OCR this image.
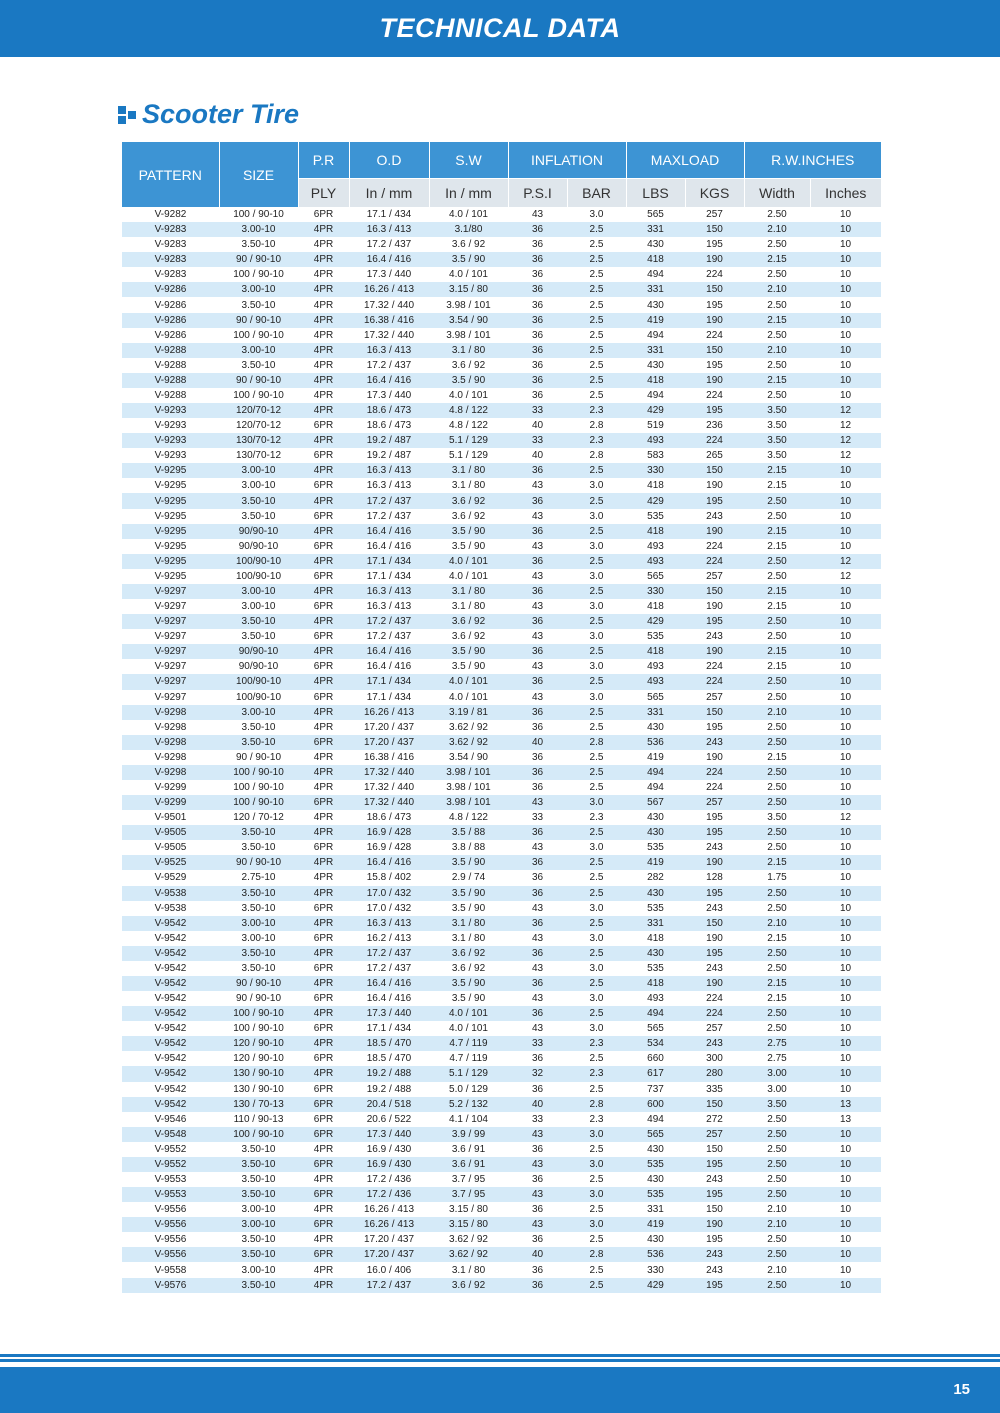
TECHNICAL DATA
Scooter Tire
PATTERN	SIZE	P.R	O.D	S.W	INFLATION		MAXLOAD		R.W.INCHES	
		PLY	In / mm	In / mm	P.S.I	BAR	LBS	KGS	Width	Inches
V-9282	100 / 90-10	6PR	17.1 / 434	4.0 / 101	43	3.0	565	257	2.50	10
V-9283	3.00-10	4PR	16.3 / 413	3.1/80	36	2.5	331	150	2.10	10
V-9283	3.50-10	4PR	17.2 / 437	3.6 / 92	36	2.5	430	195	2.50	10
V-9283	90 / 90-10	4PR	16.4 / 416	3.5 / 90	36	2.5	418	190	2.15	10
V-9283	100 / 90-10	4PR	17.3 / 440	4.0 / 101	36	2.5	494	224	2.50	10
V-9286	3.00-10	4PR	16.26 / 413	3.15 / 80	36	2.5	331	150	2.10	10
V-9286	3.50-10	4PR	17.32 / 440	3.98 / 101	36	2.5	430	195	2.50	10
V-9286	90 / 90-10	4PR	16.38 / 416	3.54 / 90	36	2.5	419	190	2.15	10
V-9286	100 / 90-10	4PR	17.32 / 440	3.98 / 101	36	2.5	494	224	2.50	10
V-9288	3.00-10	4PR	16.3 / 413	3.1 / 80	36	2.5	331	150	2.10	10
V-9288	3.50-10	4PR	17.2 / 437	3.6 / 92	36	2.5	430	195	2.50	10
V-9288	90 / 90-10	4PR	16.4 / 416	3.5 / 90	36	2.5	418	190	2.15	10
V-9288	100 / 90-10	4PR	17.3 / 440	4.0 / 101	36	2.5	494	224	2.50	10
V-9293	120/70-12	4PR	18.6 / 473	4.8 / 122	33	2.3	429	195	3.50	12
V-9293	120/70-12	6PR	18.6 / 473	4.8 / 122	40	2.8	519	236	3.50	12
V-9293	130/70-12	4PR	19.2 / 487	5.1 / 129	33	2.3	493	224	3.50	12
V-9293	130/70-12	6PR	19.2 / 487	5.1 / 129	40	2.8	583	265	3.50	12
V-9295	3.00-10	4PR	16.3 / 413	3.1 / 80	36	2.5	330	150	2.15	10
V-9295	3.00-10	6PR	16.3 / 413	3.1 / 80	43	3.0	418	190	2.15	10
V-9295	3.50-10	4PR	17.2 / 437	3.6 / 92	36	2.5	429	195	2.50	10
V-9295	3.50-10	6PR	17.2 / 437	3.6 / 92	43	3.0	535	243	2.50	10
V-9295	90/90-10	4PR	16.4 / 416	3.5 / 90	36	2.5	418	190	2.15	10
V-9295	90/90-10	6PR	16.4 / 416	3.5 / 90	43	3.0	493	224	2.15	10
V-9295	100/90-10	4PR	17.1 / 434	4.0 / 101	36	2.5	493	224	2.50	12
V-9295	100/90-10	6PR	17.1 / 434	4.0 / 101	43	3.0	565	257	2.50	12
V-9297	3.00-10	4PR	16.3 / 413	3.1 / 80	36	2.5	330	150	2.15	10
V-9297	3.00-10	6PR	16.3 / 413	3.1 / 80	43	3.0	418	190	2.15	10
V-9297	3.50-10	4PR	17.2 / 437	3.6 / 92	36	2.5	429	195	2.50	10
V-9297	3.50-10	6PR	17.2 / 437	3.6 / 92	43	3.0	535	243	2.50	10
V-9297	90/90-10	4PR	16.4 / 416	3.5 / 90	36	2.5	418	190	2.15	10
V-9297	90/90-10	6PR	16.4 / 416	3.5 / 90	43	3.0	493	224	2.15	10
V-9297	100/90-10	4PR	17.1 / 434	4.0 / 101	36	2.5	493	224	2.50	10
V-9297	100/90-10	6PR	17.1 / 434	4.0 / 101	43	3.0	565	257	2.50	10
V-9298	3.00-10	4PR	16.26 / 413	3.19 / 81	36	2.5	331	150	2.10	10
V-9298	3.50-10	4PR	17.20 / 437	3.62 / 92	36	2.5	430	195	2.50	10
V-9298	3.50-10	6PR	17.20 / 437	3.62 / 92	40	2.8	536	243	2.50	10
V-9298	90 / 90-10	4PR	16.38 / 416	3.54 / 90	36	2.5	419	190	2.15	10
V-9298	100 / 90-10	4PR	17.32 / 440	3.98 / 101	36	2.5	494	224	2.50	10
V-9299	100 / 90-10	4PR	17.32 / 440	3.98 / 101	36	2.5	494	224	2.50	10
V-9299	100 / 90-10	6PR	17.32 / 440	3.98 / 101	43	3.0	567	257	2.50	10
V-9501	120 / 70-12	4PR	18.6 / 473	4.8 / 122	33	2.3	430	195	3.50	12
V-9505	3.50-10	4PR	16.9 / 428	3.5 / 88	36	2.5	430	195	2.50	10
V-9505	3.50-10	6PR	16.9 / 428	3.8 / 88	43	3.0	535	243	2.50	10
V-9525	90 / 90-10	4PR	16.4 / 416	3.5 / 90	36	2.5	419	190	2.15	10
V-9529	2.75-10	4PR	15.8 / 402	2.9 / 74	36	2.5	282	128	1.75	10
V-9538	3.50-10	4PR	17.0 / 432	3.5 / 90	36	2.5	430	195	2.50	10
V-9538	3.50-10	6PR	17.0 / 432	3.5 / 90	43	3.0	535	243	2.50	10
V-9542	3.00-10	4PR	16.3 / 413	3.1 / 80	36	2.5	331	150	2.10	10
V-9542	3.00-10	6PR	16.2 / 413	3.1 / 80	43	3.0	418	190	2.15	10
V-9542	3.50-10	4PR	17.2 / 437	3.6 / 92	36	2.5	430	195	2.50	10
V-9542	3.50-10	6PR	17.2 / 437	3.6 / 92	43	3.0	535	243	2.50	10
V-9542	90 / 90-10	4PR	16.4 / 416	3.5 / 90	36	2.5	418	190	2.15	10
V-9542	90 / 90-10	6PR	16.4 / 416	3.5 / 90	43	3.0	493	224	2.15	10
V-9542	100 / 90-10	4PR	17.3 / 440	4.0 / 101	36	2.5	494	224	2.50	10
V-9542	100 / 90-10	6PR	17.1 / 434	4.0 / 101	43	3.0	565	257	2.50	10
V-9542	120 / 90-10	4PR	18.5 / 470	4.7 / 119	33	2.3	534	243	2.75	10
V-9542	120 / 90-10	6PR	18.5 / 470	4.7 / 119	36	2.5	660	300	2.75	10
V-9542	130 / 90-10	4PR	19.2 / 488	5.1 / 129	32	2.3	617	280	3.00	10
V-9542	130 / 90-10	6PR	19.2 / 488	5.0 / 129	36	2.5	737	335	3.00	10
V-9542	130 / 70-13	6PR	20.4 / 518	5.2 / 132	40	2.8	600	150	3.50	13
V-9546	110 / 90-13	6PR	20.6 / 522	4.1 / 104	33	2.3	494	272	2.50	13
V-9548	100 / 90-10	6PR	17.3 / 440	3.9 / 99	43	3.0	565	257	2.50	10
V-9552	3.50-10	4PR	16.9 / 430	3.6 / 91	36	2.5	430	150	2.50	10
V-9552	3.50-10	6PR	16.9 / 430	3.6 / 91	43	3.0	535	195	2.50	10
V-9553	3.50-10	4PR	17.2 / 436	3.7 / 95	36	2.5	430	243	2.50	10
V-9553	3.50-10	6PR	17.2 / 436	3.7 / 95	43	3.0	535	195	2.50	10
V-9556	3.00-10	4PR	16.26 / 413	3.15 / 80	36	2.5	331	150	2.10	10
V-9556	3.00-10	6PR	16.26 / 413	3.15 / 80	43	3.0	419	190	2.10	10
V-9556	3.50-10	4PR	17.20 / 437	3.62 / 92	36	2.5	430	195	2.50	10
V-9556	3.50-10	6PR	17.20 / 437	3.62 / 92	40	2.8	536	243	2.50	10
V-9558	3.00-10	4PR	16.0 / 406	3.1 / 80	36	2.5	330	243	2.10	10
V-9576	3.50-10	4PR	17.2 / 437	3.6 / 92	36	2.5	429	195	2.50	10
15
